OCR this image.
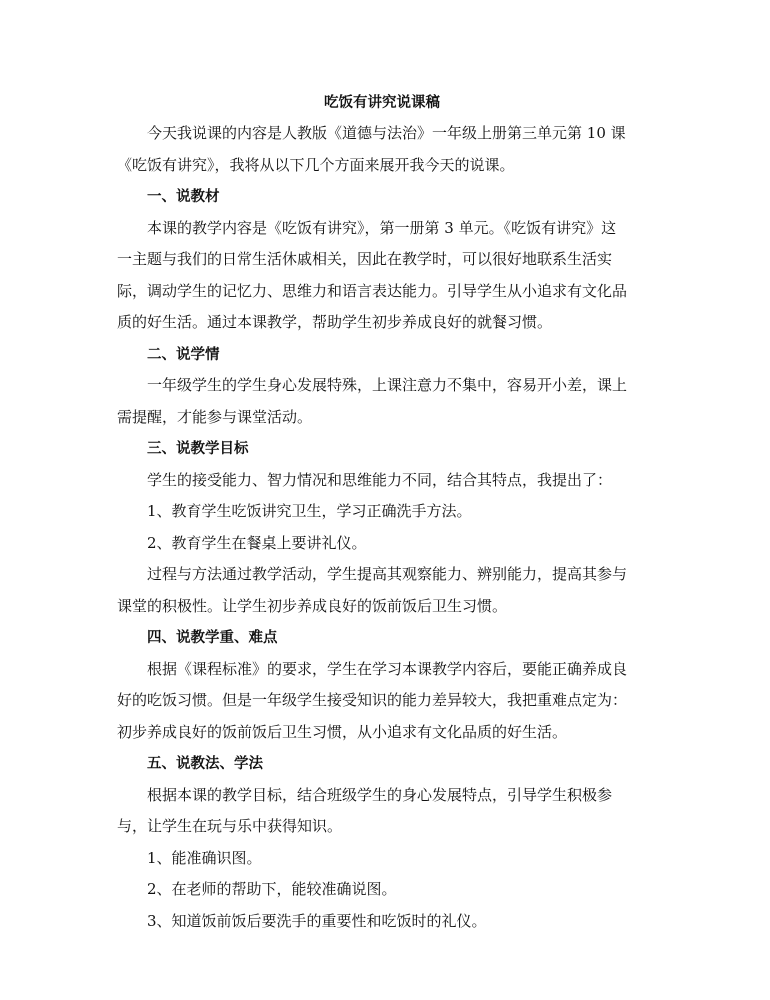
吃饭有讲究说课稿
今天我说课的内容是人教版《道德与法治》一年级上册第三单元第 10 课
《吃饭有讲究》，我将从以下几个方面来展开我今天的说课。
一、说教材
本课的教学内容是《吃饭有讲究》，第一册第 3 单元。《吃饭有讲究》这
一主题与我们的日常生活休戚相关，因此在教学时，可以很好地联系生活实
际，调动学生的记忆力、思维力和语言表达能力。引导学生从小追求有文化品
质的好生活。通过本课教学，帮助学生初步养成良好的就餐习惯。
二、说学情
一年级学生的学生身心发展特殊，上课注意力不集中，容易开小差，课上
需提醒，才能参与课堂活动。
三、说教学目标
学生的接受能力、智力情况和思维能力不同，结合其特点，我提出了：
1、教育学生吃饭讲究卫生，学习正确洗手方法。
2、教育学生在餐桌上要讲礼仪。
过程与方法通过教学活动，学生提高其观察能力、辨别能力，提高其参与
课堂的积极性。让学生初步养成良好的饭前饭后卫生习惯。
四、说教学重、难点
根据《课程标准》的要求，学生在学习本课教学内容后，要能正确养成良
好的吃饭习惯。但是一年级学生接受知识的能力差异较大，我把重难点定为：
初步养成良好的饭前饭后卫生习惯，从小追求有文化品质的好生活。
五、说教法、学法
根据本课的教学目标，结合班级学生的身心发展特点，引导学生积极参
与，让学生在玩与乐中获得知识。
1、能准确识图。
2、在老师的帮助下，能较准确说图。
3、知道饭前饭后要洗手的重要性和吃饭时的礼仪。
